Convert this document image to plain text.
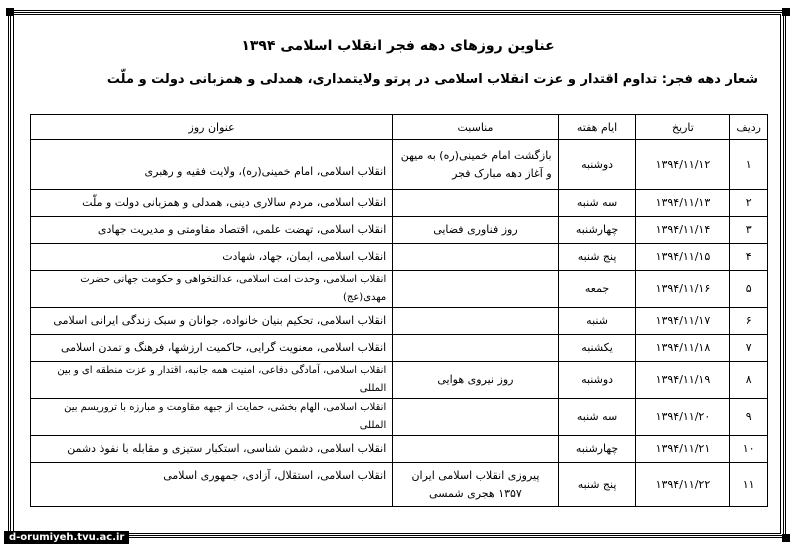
عناوین روزهای دهه فجر انقلاب اسلامی ۱۳۹۴
شعار دهه فجر: تداوم اقتدار و عزت انقلاب اسلامی در پرتو ولایتمداری، همدلی و همزبانی دولت و ملّت
ردیف	تاریخ	ایام هفته	مناسبت	عنوان روز
۱	۱۳۹۴/۱۱/۱۲	دوشنبه	بازگشت امام خمینی(ره) به میهن و آغاز دهه مبارک فجر	انقلاب اسلامی، امام خمینی(ره)، ولایت فقیه و رهبری
۲	۱۳۹۴/۱۱/۱۳	سه شنبه		انقلاب اسلامی، مردم سالاری دینی، همدلی و همزبانی دولت و ملّت
۳	۱۳۹۴/۱۱/۱۴	چهارشنبه	روز فناوری فضایی	انقلاب اسلامی، تهضت علمی، اقتصاد مقاومتی و مدیریت جهادی
۴	۱۳۹۴/۱۱/۱۵	پنج شنبه		انقلاب اسلامی، ایمان، جهاد، شهادت
۵	۱۳۹۴/۱۱/۱۶	جمعه		انقلاب اسلامی، وحدت امت اسلامی، عدالتخواهی و حکومت جهانی حضرت مهدی(عج)
۶	۱۳۹۴/۱۱/۱۷	شنبه		انقلاب اسلامی، تحکیم بنیان خانواده، جوانان و سبک زندگی ایرانی اسلامی
۷	۱۳۹۴/۱۱/۱۸	یکشنبه		انقلاب اسلامی، معنویت گرایی، حاکمیت ارزشها، فرهنگ و تمدن اسلامی
۸	۱۳۹۴/۱۱/۱۹	دوشنبه	روز نیروی هوایی	انقلاب اسلامی، آمادگی دفاعی، امنیت همه جانبه، اقتدار و عزت منطقه ای و بین المللی
۹	۱۳۹۴/۱۱/۲۰	سه شنبه		انقلاب اسلامی، الهام بخشی، حمایت از جبهه مقاومت و مبارزه با تروریسم بین المللی
۱۰	۱۳۹۴/۱۱/۲۱	چهارشنبه		انقلاب اسلامی، دشمن شناسی، استکبار ستیزی و مقابله با نفوذ دشمن
۱۱	۱۳۹۴/۱۱/۲۲	پنج شنبه	پیروزی انقلاب اسلامی ایران ۱۳۵۷ هجری شمسی	انقلاب اسلامی، استقلال، آزادی، جمهوری اسلامی
d-orumiyeh.tvu.ac.ir
